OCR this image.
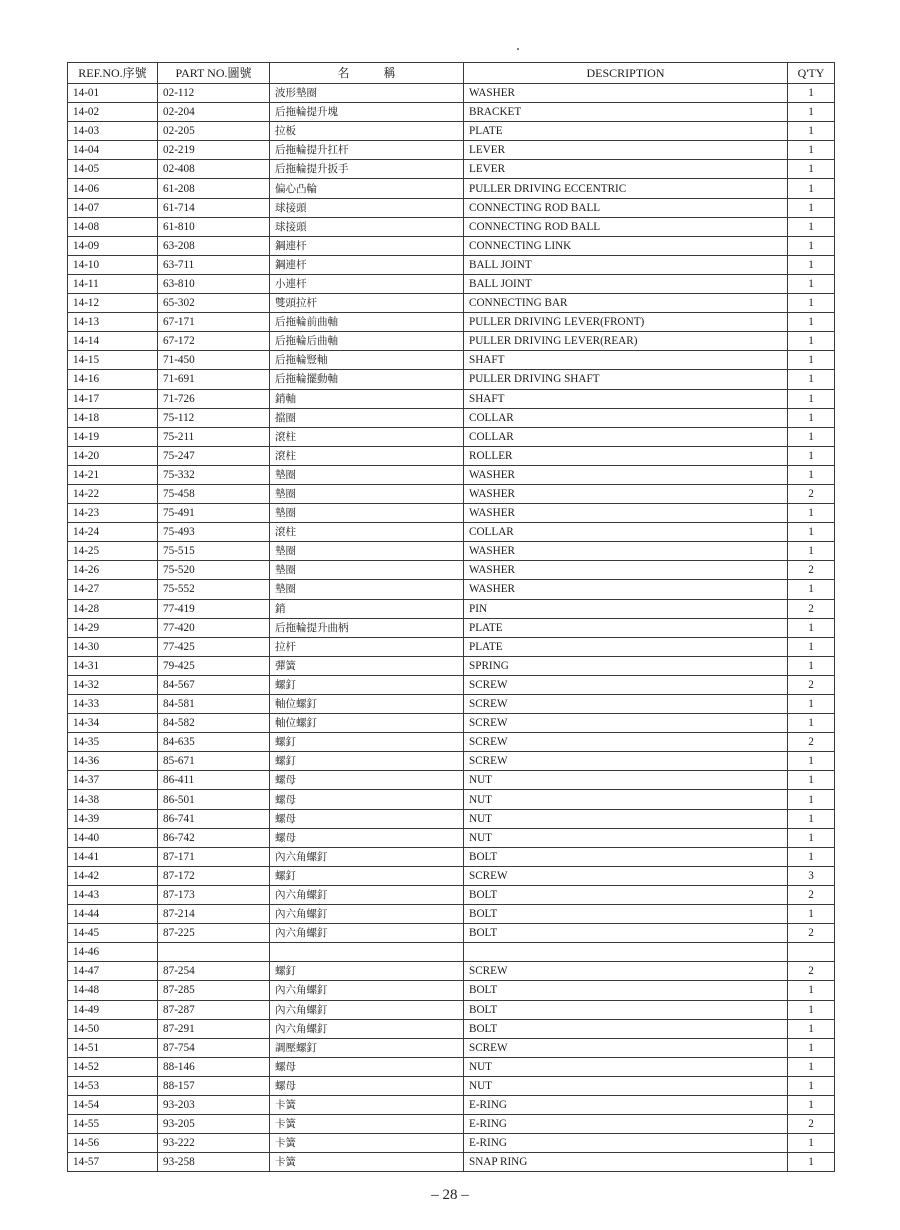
REF.NO.序號	PART NO.圖號	名稱	DESCRIPTION	Q'TY
14-01	02-112	波形墊圈	WASHER	1
14-02	02-204	后拖輪提升塊	BRACKET	1
14-03	02-205	拉板	PLATE	1
14-04	02-219	后拖輪提升扛杆	LEVER	1
14-05	02-408	后拖輪提升扳手	LEVER	1
14-06	61-208	偏心凸輪	PULLER DRIVING ECCENTRIC	1
14-07	61-714	球接頭	CONNECTING ROD BALL	1
14-08	61-810	球接頭	CONNECTING ROD BALL	1
14-09	63-208	鋼連杆	CONNECTING LINK	1
14-10	63-711	鋼連杆	BALL JOINT	1
14-11	63-810	小連杆	BALL JOINT	1
14-12	65-302	雙頭拉杆	CONNECTING BAR	1
14-13	67-171	后拖輪前曲軸	PULLER DRIVING LEVER(FRONT)	1
14-14	67-172	后拖輪后曲軸	PULLER DRIVING LEVER(REAR)	1
14-15	71-450	后拖輪豎軸	SHAFT	1
14-16	71-691	后拖輪擺動軸	PULLER DRIVING SHAFT	1
14-17	71-726	銷軸	SHAFT	1
14-18	75-112	擋圈	COLLAR	1
14-19	75-211	滾柱	COLLAR	1
14-20	75-247	滾柱	ROLLER	1
14-21	75-332	墊圈	WASHER	1
14-22	75-458	墊圈	WASHER	2
14-23	75-491	墊圈	WASHER	1
14-24	75-493	滾柱	COLLAR	1
14-25	75-515	墊圈	WASHER	1
14-26	75-520	墊圈	WASHER	2
14-27	75-552	墊圈	WASHER	1
14-28	77-419	銷	PIN	2
14-29	77-420	后拖輪提升曲柄	PLATE	1
14-30	77-425	拉杆	PLATE	1
14-31	79-425	彈簧	SPRING	1
14-32	84-567	螺釘	SCREW	2
14-33	84-581	軸位螺釘	SCREW	1
14-34	84-582	軸位螺釘	SCREW	1
14-35	84-635	螺釘	SCREW	2
14-36	85-671	螺釘	SCREW	1
14-37	86-411	螺母	NUT	1
14-38	86-501	螺母	NUT	1
14-39	86-741	螺母	NUT	1
14-40	86-742	螺母	NUT	1
14-41	87-171	內六角螺釘	BOLT	1
14-42	87-172	螺釘	SCREW	3
14-43	87-173	內六角螺釘	BOLT	2
14-44	87-214	內六角螺釘	BOLT	1
14-45	87-225	內六角螺釘	BOLT	2
14-46				
14-47	87-254	螺釘	SCREW	2
14-48	87-285	內六角螺釘	BOLT	1
14-49	87-287	內六角螺釘	BOLT	1
14-50	87-291	內六角螺釘	BOLT	1
14-51	87-754	調壓螺釘	SCREW	1
14-52	88-146	螺母	NUT	1
14-53	88-157	螺母	NUT	1
14-54	93-203	卡簧	E-RING	1
14-55	93-205	卡簧	E-RING	2
14-56	93-222	卡簧	E-RING	1
14-57	93-258	卡簧	SNAP RING	1
– 28 –
